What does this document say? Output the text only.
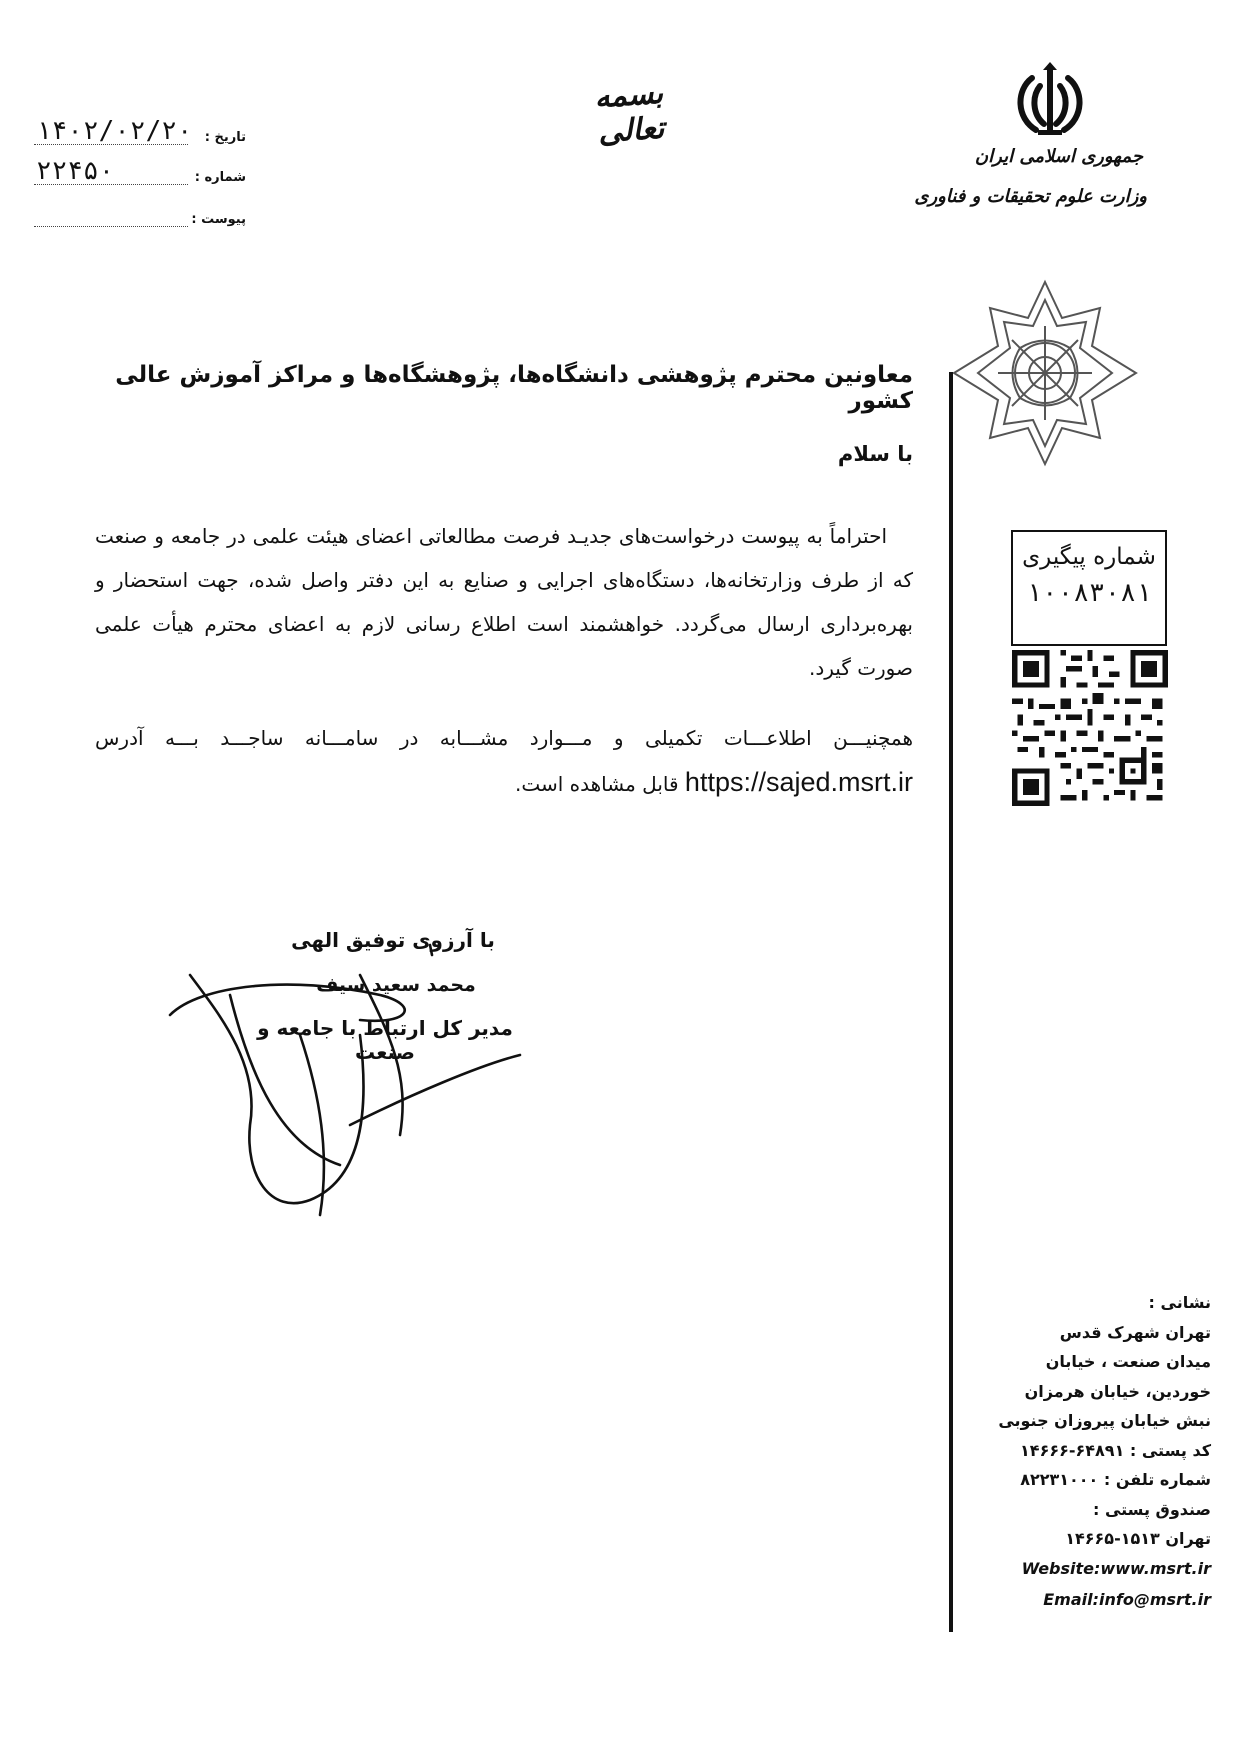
بسمه تعالی
تاریخ :
۱۴۰۲/۰۲/۲۰
شماره :
۲۲۴۵۰
پیوست :
جمهوری اسلامی ایران
وزارت علوم تحقیقات و فناوری
معاونین محترم پژوهشی دانشگاه‌ها، پژوهشگاه‌ها و مراکز آموزش عالی کشور
با سلام
احتراماً به پیوست درخواست‌های جدیـد فرصت مطالعاتی اعضای هیئت علمی در جامعه و صنعت که از طرف وزارتخانه‌ها، دستگاه‌های اجرایی و صنایع به این دفتر واصل شده، جهت استحضار و بهره‌برداری ارسال می‌گردد. خواهشمند است اطلاع رسانی لازم به اعضای محترم هیأت علمی صورت گیرد.
همچنیـــن اطلاعـــات تکمیلی و مـــوارد مشـــابه در سامـــانه ساجـــد بـــه آدرس https://sajed.msrt.ir قابل مشاهده است.
با آرزوی توفیق الهی
محمد سعید سیف
مدیر کل ارتباط با جامعه و صنعت
شماره پیگیری
۱۰۰۸۳۰۸۱
نشانی :
تهران شهرک قدس
میدان صنعت ، خیابان
خوردین، خیابان هرمزان
نبش خیابان پیروزان جنوبی
کد پستی : ۶۴۸۹۱-۱۴۶۶۶
شماره تلفن : ۸۲۲۳۱۰۰۰
صندوق پستی :
تهران ۱۵۱۳-۱۴۶۶۵
Website:www.msrt.ir
Email:info@msrt.ir
